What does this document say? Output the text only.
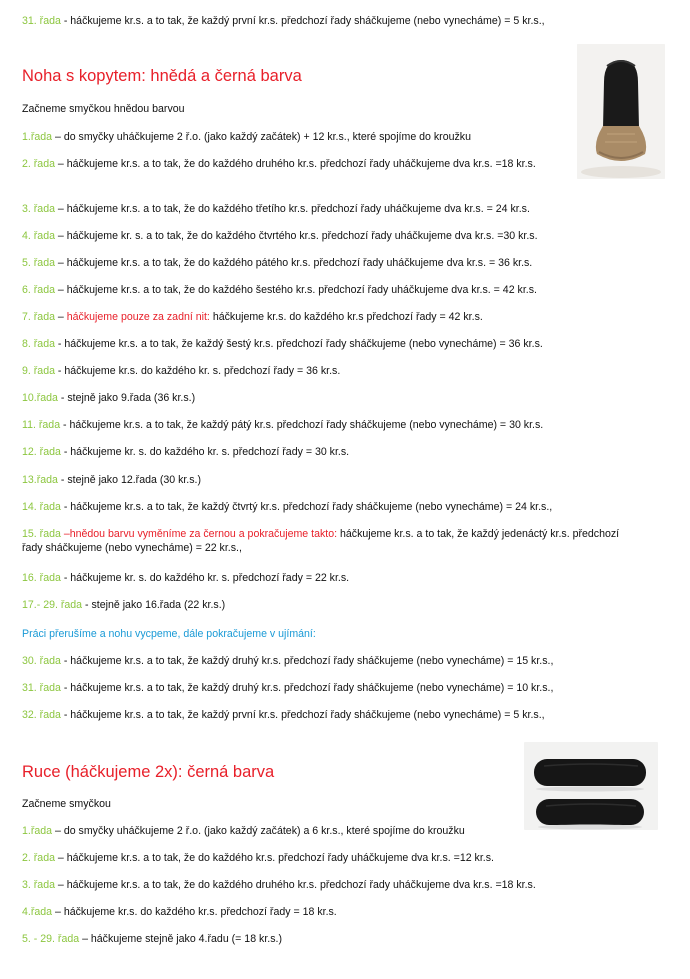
31. řada - háčkujeme kr.s. a to tak, že každý první kr.s. předchozí řady sháčkujeme (nebo vynecháme) = 5 kr.s.,
Noha s kopytem: hnědá a černá barva
Začneme smyčkou hnědou barvou
1.řada – do smyčky uháčkujeme 2 ř.o. (jako každý začátek) + 12 kr.s., které spojíme do kroužku
2. řada – háčkujeme kr.s. a to tak, že do každého druhého kr.s. předchozí řady uháčkujeme dva kr.s. =18 kr.s.
3. řada – háčkujeme kr.s. a to tak, že do každého třetího kr.s. předchozí řady uháčkujeme dva kr.s. = 24 kr.s.
4. řada – háčkujeme kr. s. a to tak, že do každého čtvrtého kr.s. předchozí řady uháčkujeme dva kr.s. =30 kr.s.
5. řada – háčkujeme kr.s. a to tak, že do každého pátého kr.s. předchozí řady uháčkujeme dva kr.s. = 36 kr.s.
6. řada – háčkujeme kr.s. a to tak, že do každého šestého kr.s. předchozí řady uháčkujeme dva kr.s. = 42 kr.s.
7. řada – háčkujeme pouze za zadní nit: háčkujeme kr.s. do každého kr.s předchozí řady = 42 kr.s.
8. řada - háčkujeme kr.s. a to tak, že každý šestý kr.s. předchozí řady sháčkujeme (nebo vynecháme) = 36 kr.s.
9. řada - háčkujeme kr.s. do každého kr. s. předchozí řady = 36 kr.s.
10.řada - stejně jako 9.řada (36 kr.s.)
11. řada - háčkujeme kr.s. a to tak, že každý pátý kr.s. předchozí řady sháčkujeme (nebo vynecháme) = 30 kr.s.
12. řada - háčkujeme kr. s. do každého kr. s. předchozí řady = 30 kr.s.
13.řada - stejně jako 12.řada (30 kr.s.)
14. řada - háčkujeme kr.s. a to tak, že každý čtvrtý kr.s. předchozí řady sháčkujeme (nebo vynecháme) = 24 kr.s.,
15. řada –hnědou barvu vyměníme za černou a pokračujeme takto: háčkujeme kr.s. a to tak, že každý jedenáctý kr.s. předchozí řady sháčkujeme (nebo vynecháme) = 22 kr.s.,
16. řada - háčkujeme kr. s. do každého kr. s. předchozí řady = 22 kr.s.
17.- 29. řada - stejně jako 16.řada (22 kr.s.)
Práci přerušíme a nohu vycpeme, dále pokračujeme v ujímání:
30. řada - háčkujeme kr.s. a to tak, že každý druhý kr.s. předchozí řady sháčkujeme (nebo vynecháme) = 15 kr.s.,
31. řada - háčkujeme kr.s. a to tak, že každý druhý kr.s. předchozí řady sháčkujeme (nebo vynecháme) = 10 kr.s.,
32. řada - háčkujeme kr.s. a to tak, že každý první kr.s. předchozí řady sháčkujeme (nebo vynecháme) = 5 kr.s.,
Ruce (háčkujeme 2x): černá barva
Začneme smyčkou
1.řada – do smyčky uháčkujeme 2 ř.o. (jako každý začátek) a 6 kr.s., které spojíme do kroužku
2. řada – háčkujeme kr.s. a to tak, že do každého kr.s. předchozí řady uháčkujeme dva kr.s. =12 kr.s.
3. řada – háčkujeme kr.s. a to tak, že do každého druhého kr.s. předchozí řady uháčkujeme dva kr.s. =18 kr.s.
4.řada – háčkujeme kr.s. do každého kr.s. předchozí řady = 18 kr.s.
5. - 29. řada – háčkujeme stejně jako 4.řadu (= 18 kr.s.)
